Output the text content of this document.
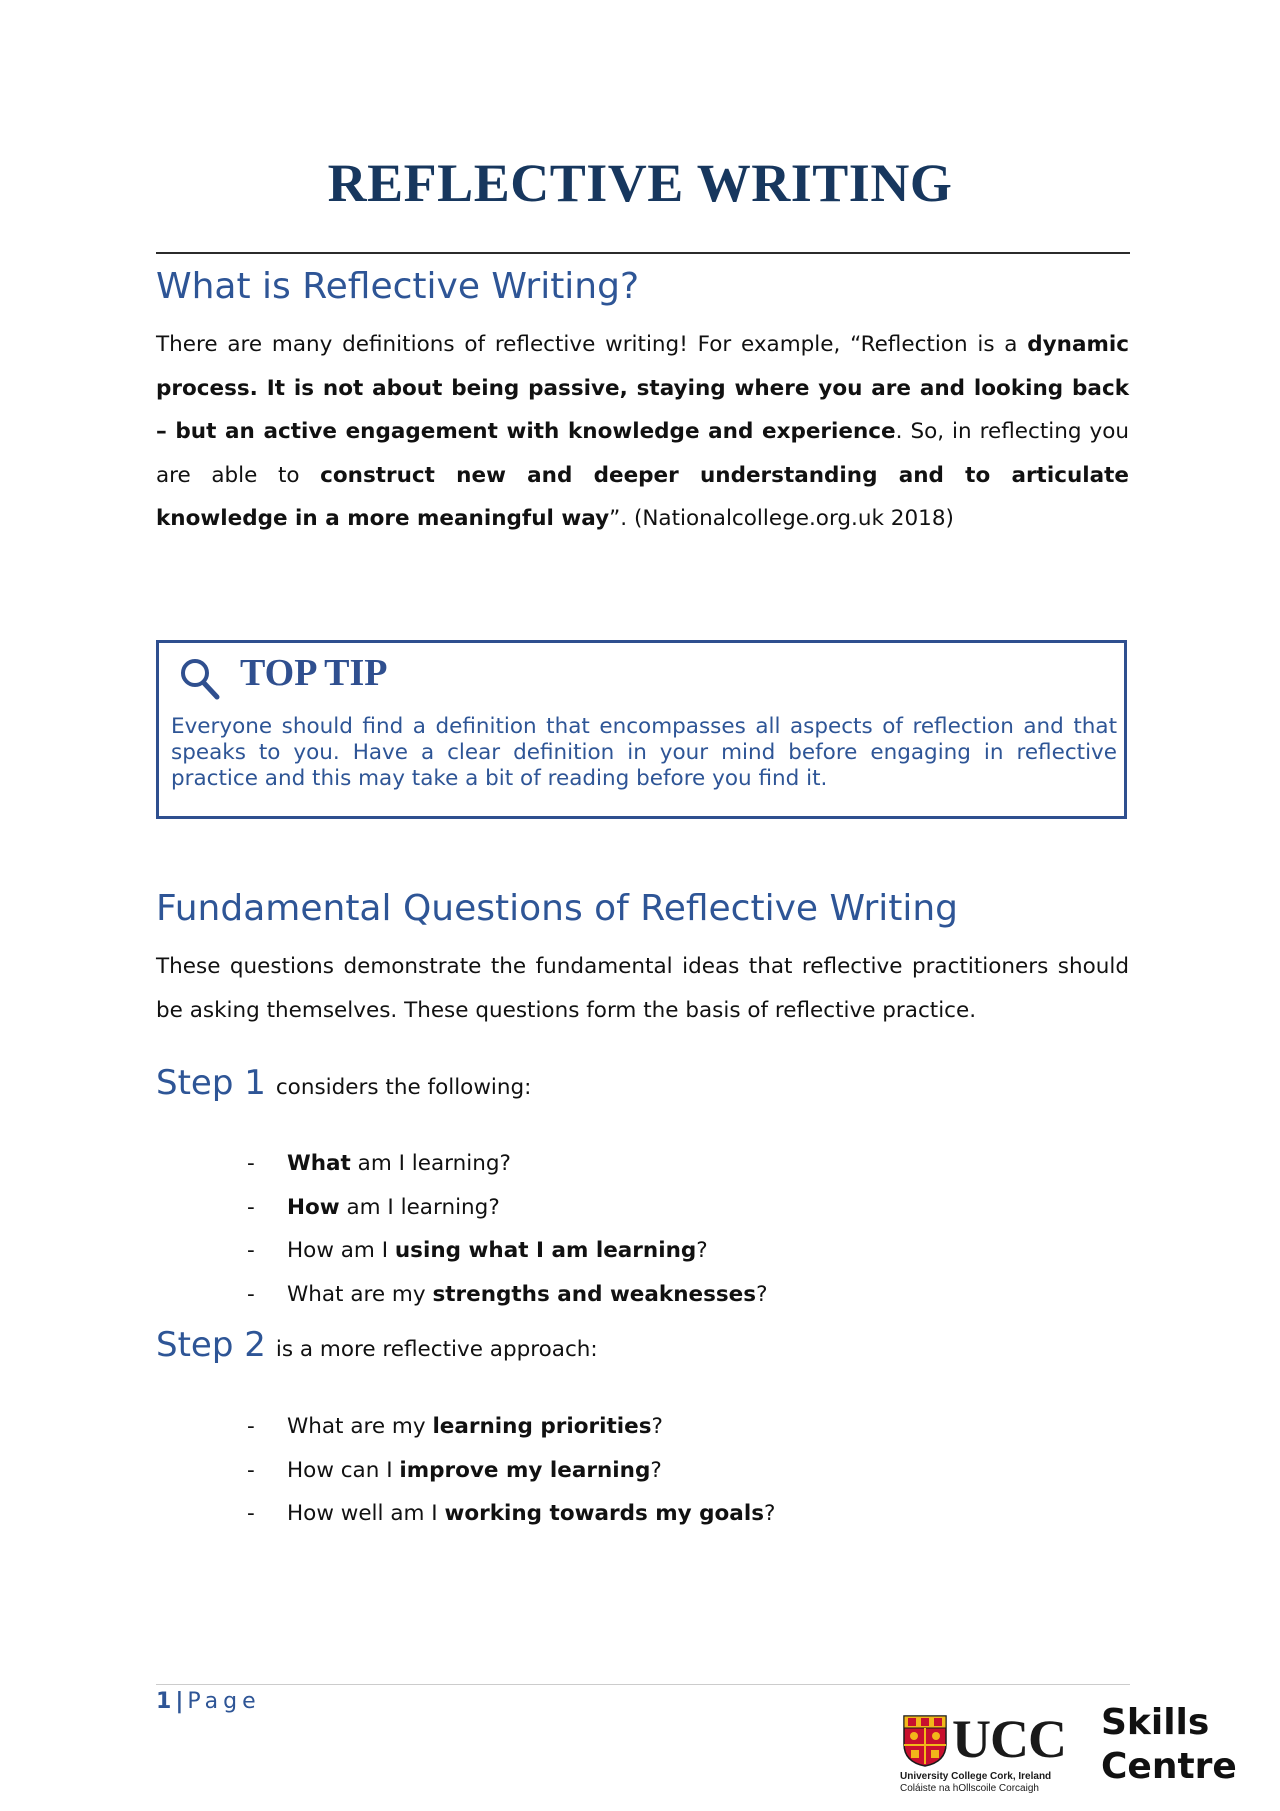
REFLECTIVE WRITING
What is Reflective Writing?

There are many definitions of reflective writing! For example, “Reflection is a dynamic process. It is not about being passive, staying where you are and looking back – but an active engagement with knowledge and experience. So, in reflecting you are able to construct new and deeper understanding and to articulate knowledge in a more meaningful way”. (Nationalcollege.org.uk 2018)

TOP TIP

Everyone should find a definition that encompasses all aspects of reflection and that speaks to you. Have a clear definition in your mind before engaging in reflective practice and this may take a bit of reading before you find it.

Fundamental Questions of Reflective Writing

These questions demonstrate the fundamental ideas that reflective practitioners should be asking themselves. These questions form the basis of reflective practice.

Step 1 considers the following:

- What am I learning?
- How am I learning?
- How am I using what I am learning?
- What are my strengths and weaknesses?

Step 2 is a more reflective approach:

- What are my learning priorities?
- How can I improve my learning?
- How well am I working towards my goals?
1 | Page
UCC
University College Cork, Ireland
Coláiste na hOllscoile Corcaigh
Skills
Centre
